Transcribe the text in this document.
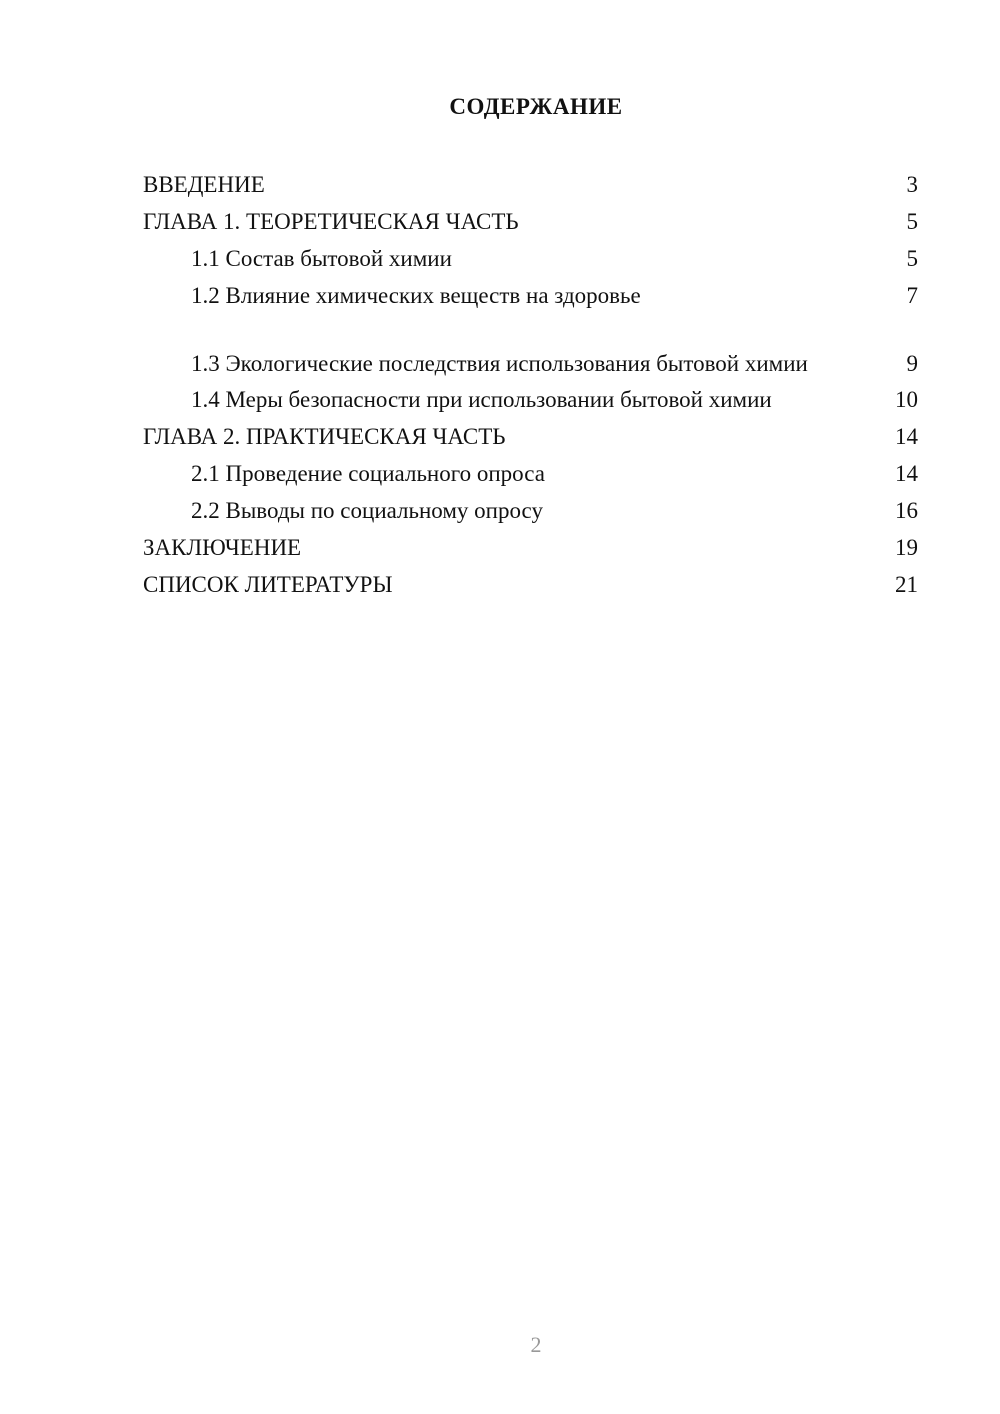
СОДЕРЖАНИЕ
ВВЕДЕНИЕ	3
ГЛАВА 1. ТЕОРЕТИЧЕСКАЯ ЧАСТЬ	5
1.1 Состав бытовой химии	5
1.2 Влияние химических веществ на здоровье	7
1.3 Экологические последствия использования бытовой химии	9
1.4 Меры безопасности при использовании бытовой химии	10
ГЛАВА 2. ПРАКТИЧЕСКАЯ ЧАСТЬ	14
2.1 Проведение социального опроса	14
2.2 Выводы по социальному опросу	16
ЗАКЛЮЧЕНИЕ	19
СПИСОК ЛИТЕРАТУРЫ	21
2
